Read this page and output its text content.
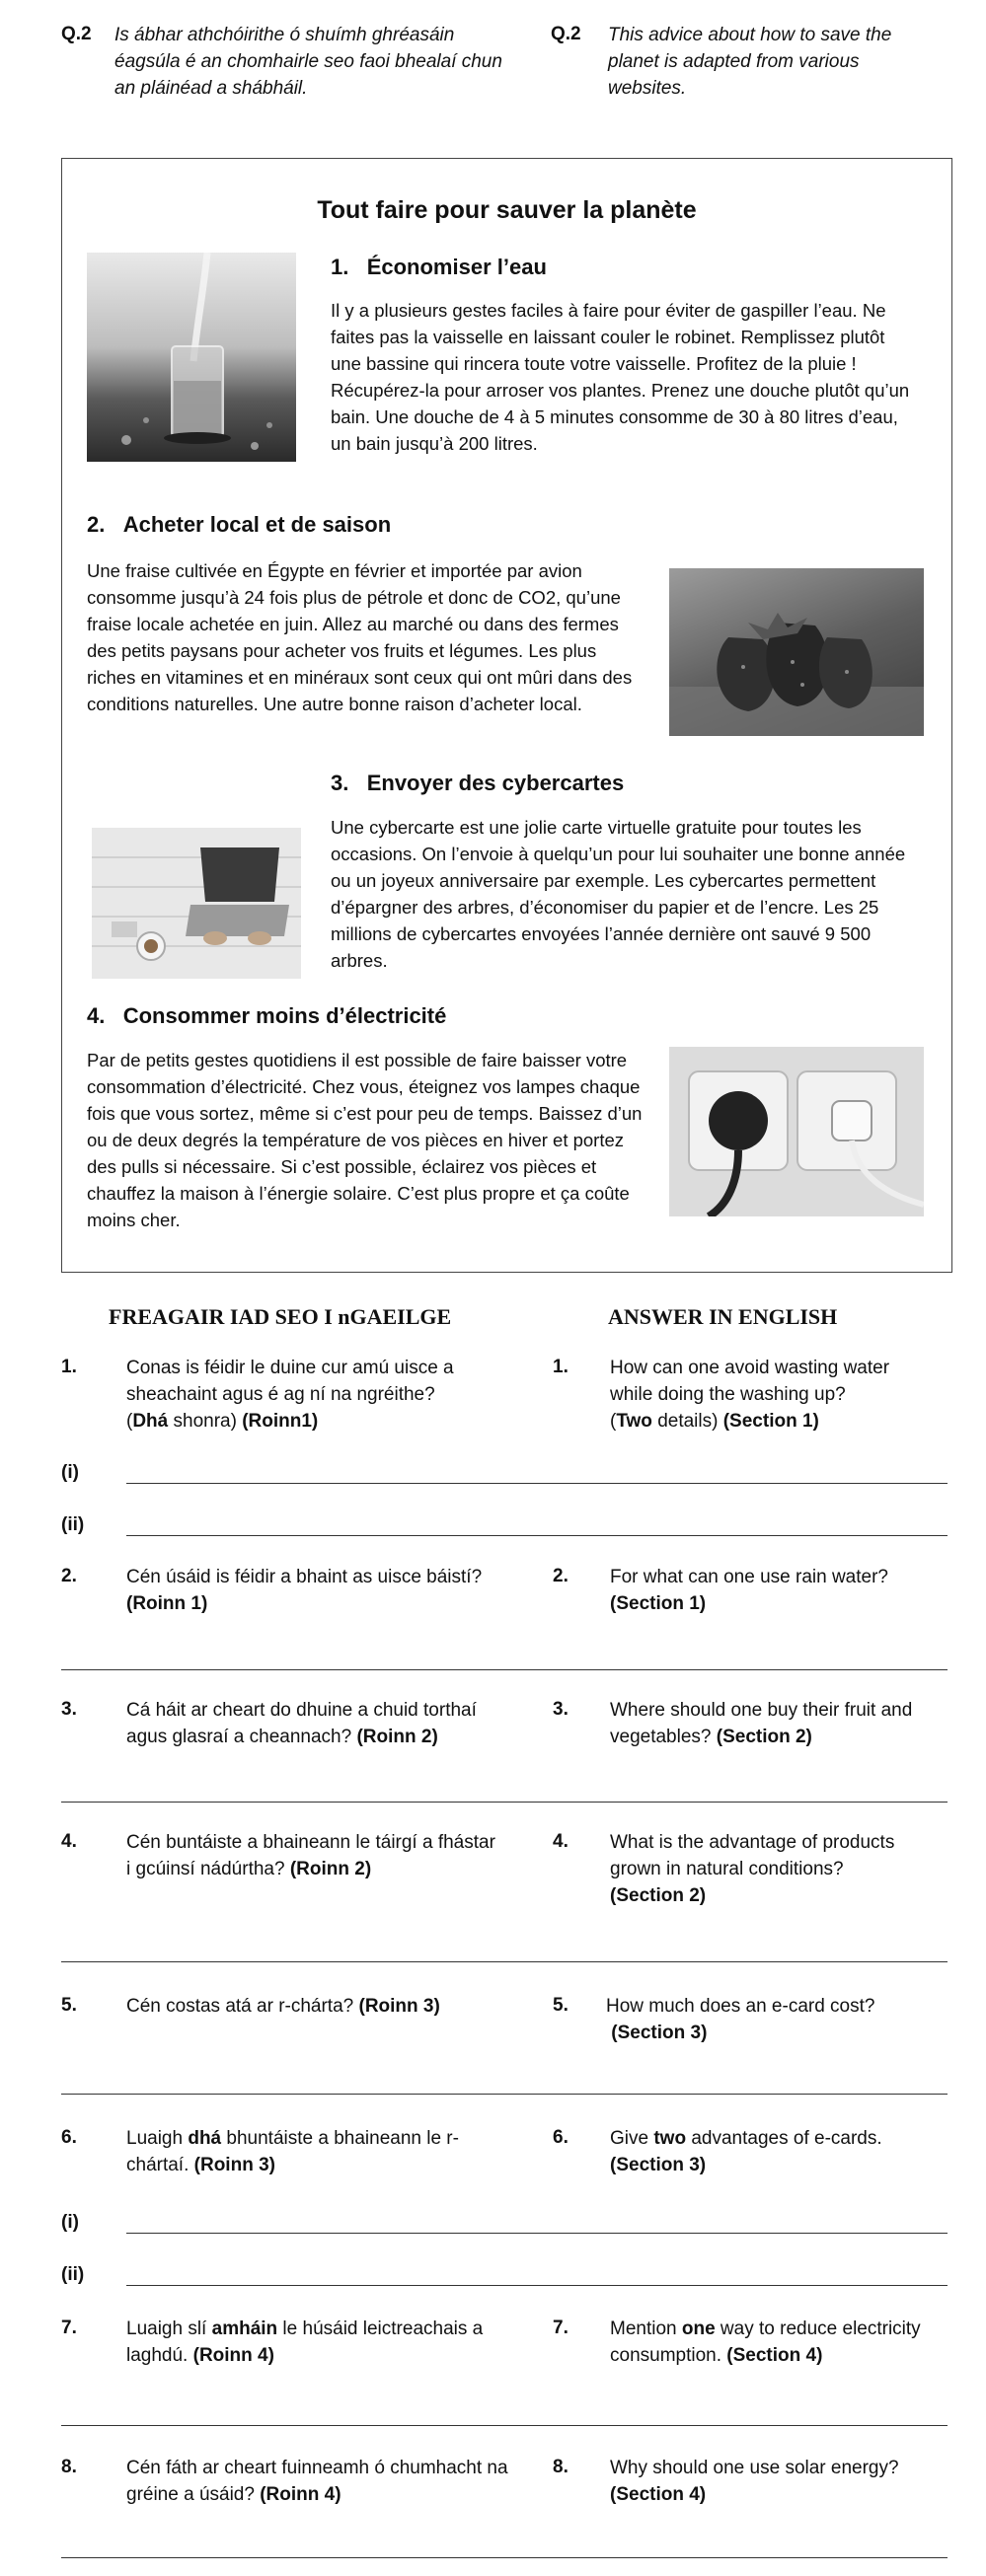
Q.2 Is ábhar athchóirithe ó shuímh ghréasáin éagsúla é an chomhairle seo faoi bhealaí chun an pláinéad a shábháil.
Q.2 This advice about how to save the planet is adapted from various websites.
Tout faire pour sauver la planète
1. Économiser l’eau
Il y a plusieurs gestes faciles à faire pour éviter de gaspiller l’eau. Ne faites pas la vaisselle en laissant couler le robinet. Remplissez plutôt une bassine qui rincera toute votre vaisselle. Profitez de la pluie ! Récupérez-la pour arroser vos plantes. Prenez une douche plutôt qu’un bain. Une douche de 4 à 5 minutes consomme de 30 à 80 litres d’eau, un bain jusqu’à 200 litres.
2. Acheter local et de saison
Une fraise cultivée en Égypte en février et importée par avion consomme jusqu’à 24 fois plus de pétrole et donc de CO2, qu’une fraise locale achetée en juin. Allez au marché ou dans des fermes des petits paysans pour acheter vos fruits et légumes. Les plus riches en vitamines et en minéraux sont ceux qui ont mûri dans des conditions naturelles. Une autre bonne raison d’acheter local.
3. Envoyer des cybercartes
Une cybercarte est une jolie carte virtuelle gratuite pour toutes les occasions. On l’envoie à quelqu’un pour lui souhaiter une bonne année ou un joyeux anniversaire par exemple. Les cybercartes permettent d’épargner des arbres, d’économiser du papier et de l’encre. Les 25 millions de cybercartes envoyées l’année dernière ont sauvé 9 500 arbres.
4. Consommer moins d’électricité
Par de petits gestes quotidiens il est possible de faire baisser votre consommation d’électricité. Chez vous, éteignez vos lampes chaque fois que vous sortez, même si c’est pour peu de temps. Baissez d’un ou de deux degrés la température de vos pièces en hiver et portez des pulls si nécessaire. Si c’est possible, éclairez vos pièces et chauffez la maison à l’énergie solaire. C’est plus propre et ça coûte moins cher.
FREAGAIR IAD SEO I nGAEILGE	ANSWER IN ENGLISH
1.	Conas is féidir le duine cur amú uisce a sheachaint agus é ag ní na ngréithe?
(Dhá shonra) (Roinn1)
1. How can one avoid wasting water while doing the washing up?
(Two details) (Section 1)
(i)
(ii)
2.	Cén úsáid is féidir a bhaint as uisce báistí?
(Roinn 1)
2. For what can one use rain water?
(Section 1)
3.	Cá háit ar cheart do dhuine a chuid torthaí agus glasraí a cheannach? (Roinn 2)
3. Where should one buy their fruit and vegetables? (Section 2)
4.	Cén buntáiste a bhaineann le táirgí a fhástar i gcúinsí nádúrtha? (Roinn 2)
4. What is the advantage of products grown in natural conditions?
(Section 2)
5.	Cén costas atá ar r-chárta? (Roinn 3)	5. How much does an e-card cost?
(Section 3)
6.	Luaigh dhá bhuntáiste a bhaineann le r-chártaí. (Roinn 3)
6. Give two advantages of e-cards.
(Section 3)
(i)
(ii)
7.	Luaigh slí amháin le húsáid leictreachais a laghdú. (Roinn 4)
7. Mention one way to reduce electricity consumption. (Section 4)
8.	Cén fáth ar cheart fuinneamh ó chumhacht na gréine a úsáid? (Roinn 4)
8. Why should one use solar energy?
(Section 4)
